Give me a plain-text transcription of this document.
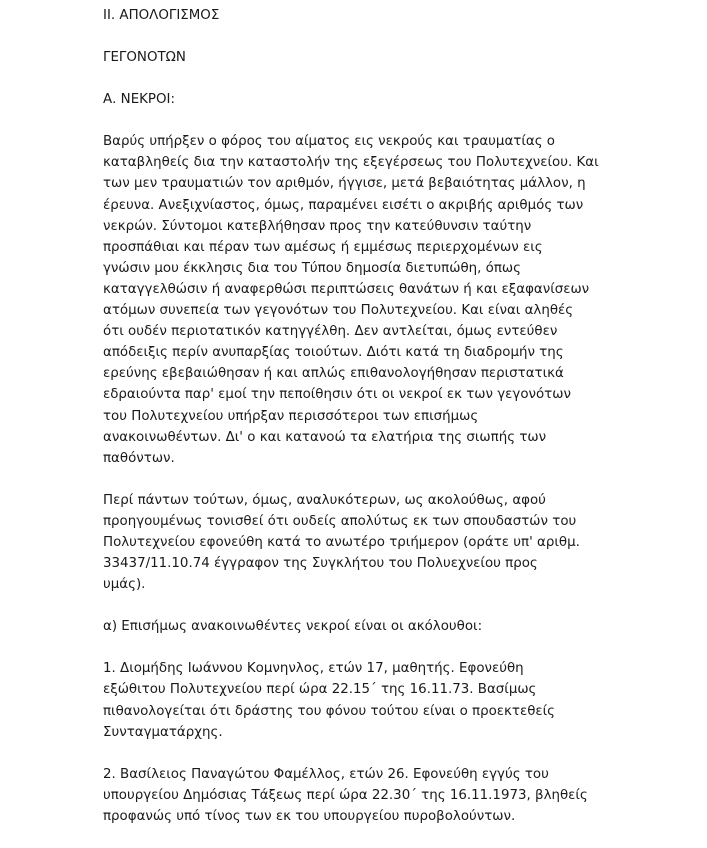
II. ΑΠΟΛΟΓΙΣΜΟΣ

ΓΕΓΟΝΟΤΩΝ

Α. ΝΕΚΡΟΙ:

Βαρύς υπήρξεν ο φόρος του αίματος εις νεκρούς και τραυματίας ο
καταβληθείς δια την καταστολήν της εξεγέρσεως του Πολυτεχνείου. Και
των μεν τραυματιών τον αριθμόν, ήγγισε, μετά βεβαιότητας μάλλον, η
έρευνα. Ανεξιχνίαστος, όμως, παραμένει εισέτι ο ακριβής αριθμός των
νεκρών. Σύντομοι κατεβλήθησαν προς την κατεύθυνσιν ταύτην
προσπάθιαι και πέραν των αμέσως ή εμμέσως περιερχομένων εις
γνώσιν μου έκκλησις δια του Τύπου δημοσία διετυπώθη, όπως
καταγγελθώσιν ή αναφερθώσι περιπτώσεις θανάτων ή και εξαφανίσεων
ατόμων συνεπεία των γεγονότων του Πολυτεχνείου. Και είναι αληθές
ότι ουδέν περιοτατικόν κατηγγέλθη. Δεν αντλείται, όμως εντεύθεν
απόδειξις περίν ανυπαρξίας τοιούτων. Διότι κατά τη διαδρομήν της
ερεύνης εβεβαιώθησαν ή και απλώς επιθανολογήθησαν περιστατικά
εδραιούντα παρ' εμοί την πεποίθησιν ότι οι νεκροί εκ των γεγονότων
του Πολυτεχνείου υπήρξαν περισσότεροι των επισήμως
ανακοινωθέντων. Δι' ο και κατανοώ τα ελατήρια της σιωπής των
παθόντων.

Περί πάντων τούτων, όμως, αναλυκότερων, ως ακολούθως, αφού
προηγουμένως τονισθεί ότι ουδείς απολύτως εκ των σπουδαστών του
Πολυτεχνείου εφονεύθη κατά το ανωτέρο τριήμερον (οράτε υπ' αριθμ.
33437/11.10.74 έγγραφον της Συγκλήτου του Πολυεχνείου προς
υμάς).

α) Επισήμως ανακοινωθέντες νεκροί είναι οι ακόλουθοι:

1. Διομήδης Ιωάννου Κομνηνλος, ετών 17, μαθητής. Εφονεύθη
εξώθιτου Πολυτεχνείου περί ώρα 22.15΄ της 16.11.73. Βασίμως
πιθανολογείται ότι δράστης του φόνου τούτου είναι ο προεκτεθείς
Συνταγματάρχης.

2. Βασίλειος Παναγώτου Φαμέλλος, ετών 26. Εφονεύθη εγγύς του
υπουργείου Δημόσιας Τάξεως περί ώρα 22.30΄ της 16.11.1973, βληθείς
προφανώς υπό τίνος των εκ του υπουργείου πυροβολούντων.
